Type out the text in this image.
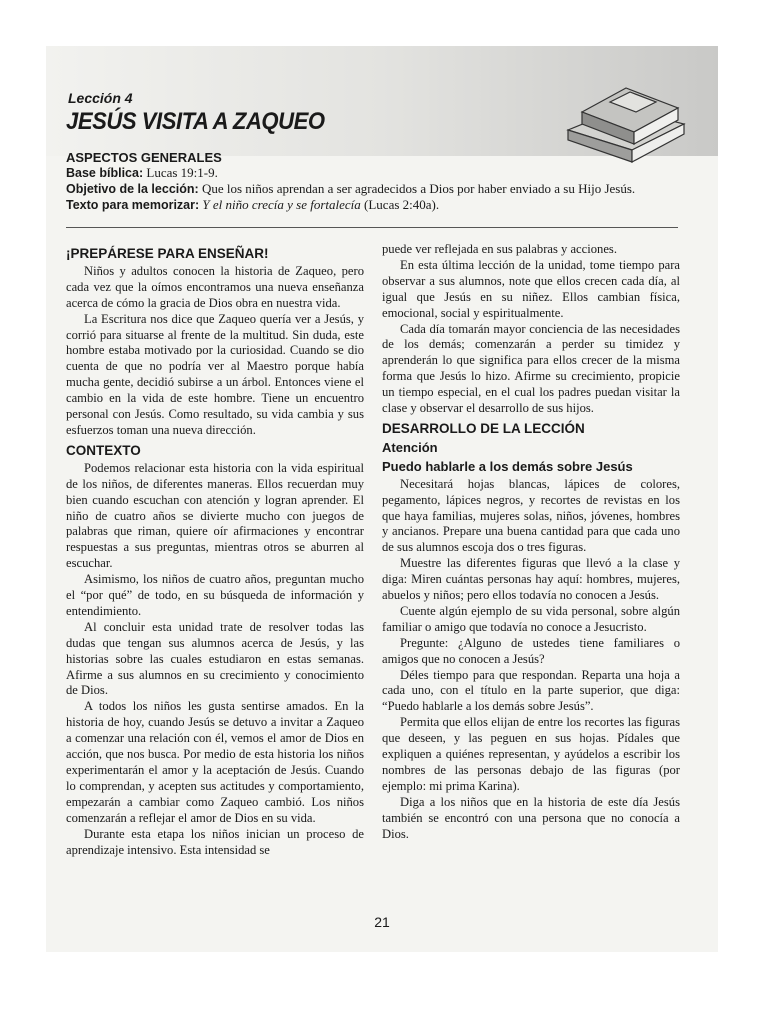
Lección 4

JESÚS VISITA A ZAQUEO
ASPECTOS GENERALES

Base bíblica: Lucas 19:1-9.

Objetivo de la lección: Que los niños aprendan a ser agradecidos a Dios por haber enviado a su Hijo Jesús.

Texto para memorizar: Y el niño crecía y se fortalecía (Lucas 2:40a).

¡PREPÁRESE PARA ENSEÑAR!

Niños y adultos conocen la historia de Zaqueo, pero cada vez que la oímos encontramos una nueva enseñanza acerca de cómo la gracia de Dios obra en nuestra vida.

La Escritura nos dice que Zaqueo quería ver a Jesús, y corrió para situarse al frente de la multitud. Sin duda, este hombre estaba motivado por la curiosidad. Cuando se dio cuenta de que no podría ver al Maestro porque había mucha gente, decidió subirse a un árbol. Entonces viene el cambio en la vida de este hombre. Tiene un encuentro personal con Jesús. Como resultado, su vida cambia y sus esfuerzos toman una nueva dirección.

CONTEXTO

Podemos relacionar esta historia con la vida espiritual de los niños, de diferentes maneras. Ellos recuerdan muy bien cuando escuchan con atención y logran aprender. El niño de cuatro años se divierte mucho con juegos de palabras que riman, quiere oír afirmaciones y encontrar respuestas a sus preguntas, mientras otros se aburren al escuchar.

Asimismo, los niños de cuatro años, preguntan mucho el “por qué” de todo, en su búsqueda de información y entendimiento.

Al concluir esta unidad trate de resolver todas las dudas que tengan sus alumnos acerca de Jesús, y las historias sobre las cuales estudiaron en estas semanas. Afirme a sus alumnos en su crecimiento y conocimiento de Dios.

A todos los niños les gusta sentirse amados. En la historia de hoy, cuando Jesús se detuvo a invitar a Zaqueo a comenzar una relación con él, vemos el amor de Dios en acción, que nos busca. Por medio de esta historia los niños experimentarán el amor y la aceptación de Jesús. Cuando lo comprendan, y acepten sus actitudes y comportamiento, empezarán a cambiar como Zaqueo cambió. Los niños comenzarán a reflejar el amor de Dios en su vida.

Durante esta etapa los niños inician un proceso de aprendizaje intensivo. Esta intensidad se

puede ver reflejada en sus palabras y acciones.

En esta última lección de la unidad, tome tiempo para observar a sus alumnos, note que ellos crecen cada día, al igual que Jesús en su niñez. Ellos cambian física, emocional, social y espiritualmente.

Cada día tomarán mayor conciencia de las necesidades de los demás; comenzarán a perder su timidez y aprenderán lo que significa para ellos crecer de la misma forma que Jesús lo hizo. Afirme su crecimiento, propicie un tiempo especial, en el cual los padres puedan visitar la clase y observar el desarrollo de sus hijos.

DESARROLLO DE LA LECCIÓN
Atención
Puedo hablarle a los demás sobre Jesús

Necesitará hojas blancas, lápices de colores, pegamento, lápices negros, y recortes de revistas en los que haya familias, mujeres solas, niños, jóvenes, hombres y ancianos. Prepare una buena cantidad para que cada uno de sus alumnos escoja dos o tres figuras.

Muestre las diferentes figuras que llevó a la clase y diga: Miren cuántas personas hay aquí: hombres, mujeres, abuelos y niños; pero ellos todavía no conocen a Jesús.

Cuente algún ejemplo de su vida personal, sobre algún familiar o amigo que todavía no conoce a Jesucristo.

Pregunte: ¿Alguno de ustedes tiene familiares o amigos que no conocen a Jesús?

Déles tiempo para que respondan. Reparta una hoja a cada uno, con el título en la parte superior, que diga: “Puedo hablarle a los demás sobre Jesús”.

Permita que ellos elijan de entre los recortes las figuras que deseen, y las peguen en sus hojas. Pídales que expliquen a quiénes representan, y ayúdelos a escribir los nombres de las personas debajo de las figuras (por ejemplo: mi prima Karina).

Diga a los niños que en la historia de este día Jesús también se encontró con una persona que no conocía a Dios.

21
